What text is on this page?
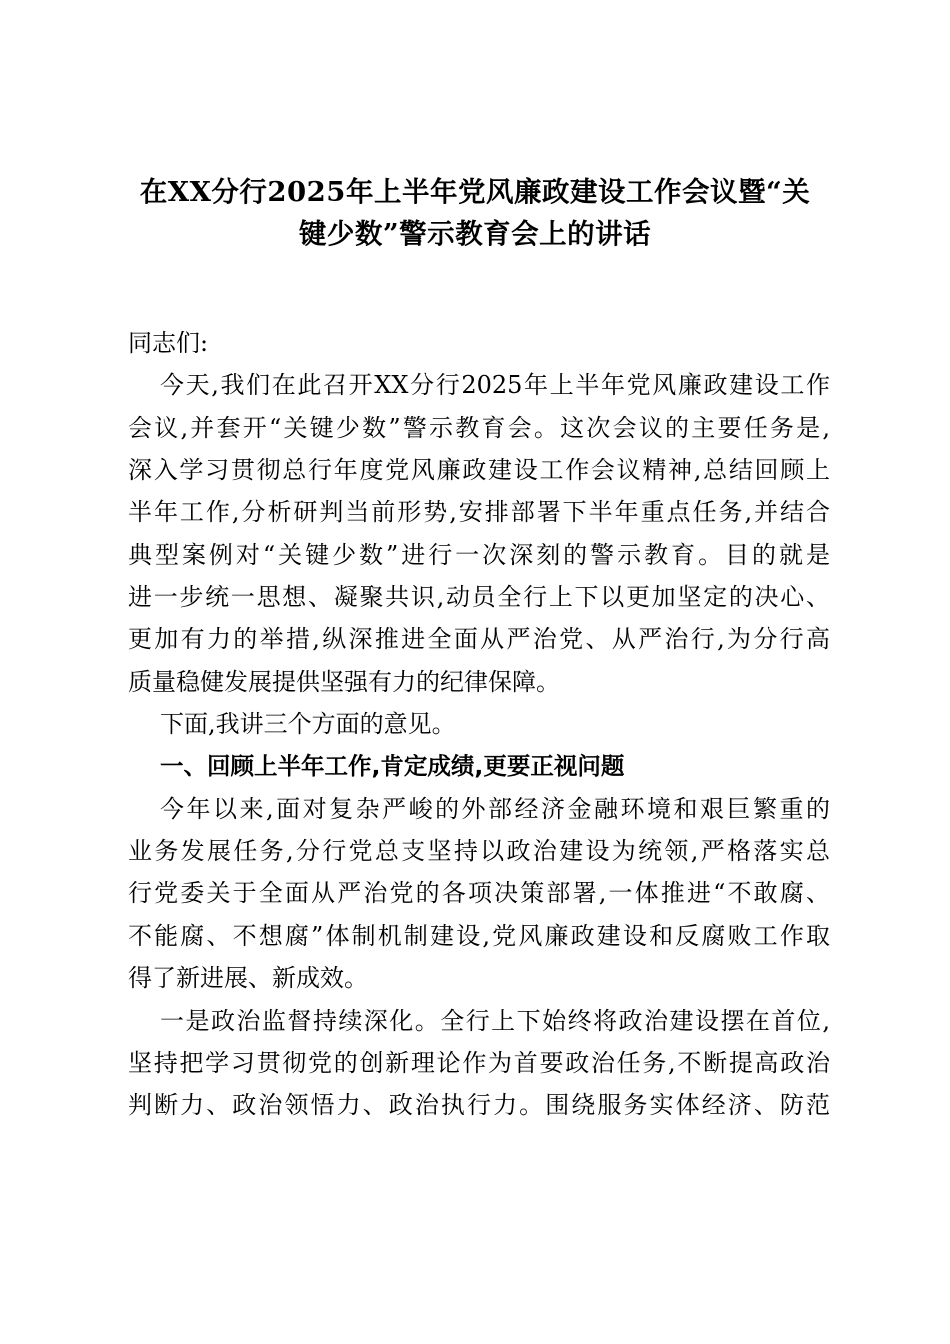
在XX分行2025年上半年党风廉政建设工作会议暨“关
键少数”警示教育会上的讲话
同志们:
今天,我们在此召开XX分行2025年上半年党风廉政建设工作
会议,并套开“关键少数”警示教育会。这次会议的主要任务是,
深入学习贯彻总行年度党风廉政建设工作会议精神,总结回顾上
半年工作,分析研判当前形势,安排部署下半年重点任务,并结合
典型案例对“关键少数”进行一次深刻的警示教育。目的就是
进一步统一思想、凝聚共识,动员全行上下以更加坚定的决心、
更加有力的举措,纵深推进全面从严治党、从严治行,为分行高
质量稳健发展提供坚强有力的纪律保障。
下面,我讲三个方面的意见。
一、回顾上半年工作,肯定成绩,更要正视问题
今年以来,面对复杂严峻的外部经济金融环境和艰巨繁重的
业务发展任务,分行党总支坚持以政治建设为统领,严格落实总
行党委关于全面从严治党的各项决策部署,一体推进“不敢腐、
不能腐、不想腐”体制机制建设,党风廉政建设和反腐败工作取
得了新进展、新成效。
一是政治监督持续深化。全行上下始终将政治建设摆在首位,
坚持把学习贯彻党的创新理论作为首要政治任务,不断提高政治
判断力、政治领悟力、政治执行力。围绕服务实体经济、防范
